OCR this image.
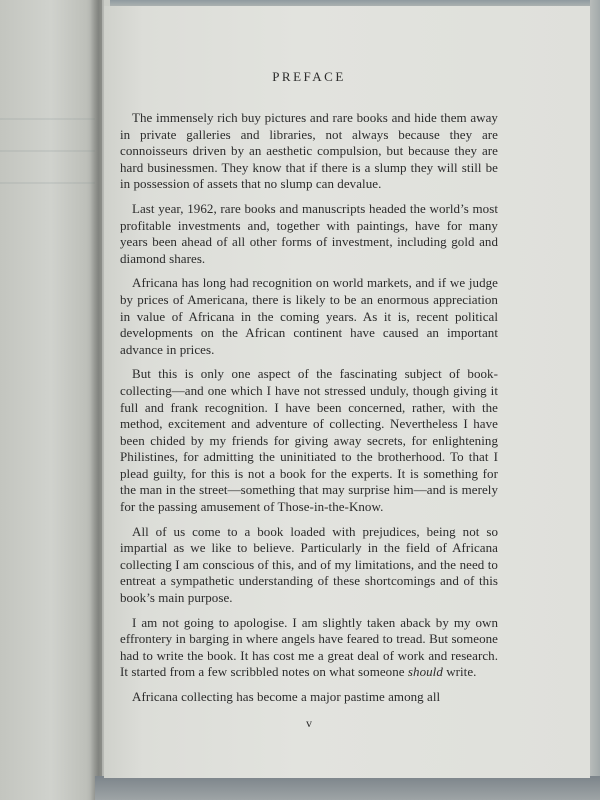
PREFACE

The immensely rich buy pictures and rare books and hide them away in private galleries and libraries, not always because they are connoisseurs driven by an aesthetic compulsion, but because they are hard businessmen. They know that if there is a slump they will still be in possession of assets that no slump can devalue.

Last year, 1962, rare books and manuscripts headed the world’s most profitable investments and, together with paintings, have for many years been ahead of all other forms of investment, including gold and diamond shares.

Africana has long had recognition on world markets, and if we judge by prices of Americana, there is likely to be an enormous appreciation in value of Africana in the coming years. As it is, recent political developments on the African continent have caused an important advance in prices.

But this is only one aspect of the fascinating subject of book-collecting—and one which I have not stressed unduly, though giving it full and frank recognition. I have been concerned, rather, with the method, excitement and adventure of collecting. Nevertheless I have been chided by my friends for giving away secrets, for enlightening Philistines, for admitting the uninitiated to the brotherhood. To that I plead guilty, for this is not a book for the experts. It is something for the man in the street—something that may surprise him—and is merely for the passing amusement of Those-in-the-Know.

All of us come to a book loaded with prejudices, being not so impartial as we like to believe. Particularly in the field of Africana collecting I am conscious of this, and of my limitations, and the need to entreat a sympathetic understanding of these shortcomings and of this book’s main purpose.

I am not going to apologise. I am slightly taken aback by my own effrontery in barging in where angels have feared to tread. But someone had to write the book. It has cost me a great deal of work and research. It started from a few scribbled notes on what someone should write.

Africana collecting has become a major pastime among all

v
